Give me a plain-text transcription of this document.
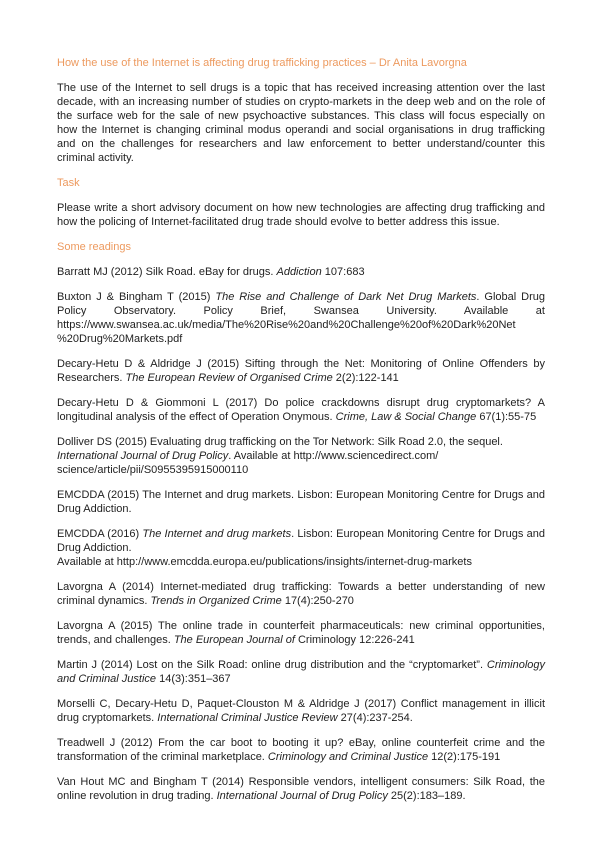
How the use of the Internet is affecting drug trafficking practices – Dr Anita Lavorgna

The use of the Internet to sell drugs is a topic that has received increasing attention over the last decade, with an increasing number of studies on crypto-markets in the deep web and on the role of the surface web for the sale of new psychoactive substances. This class will focus especially on how the Internet is changing criminal modus operandi and social organisations in drug trafficking and on the challenges for researchers and law enforcement to better understand/counter this criminal activity.

Task

Please write a short advisory document on how new technologies are affecting drug trafficking and how the policing of Internet-facilitated drug trade should evolve to better address this issue.

Some readings

Barratt MJ (2012) Silk Road. eBay for drugs. Addiction 107:683

Buxton J & Bingham T (2015) The Rise and Challenge of Dark Net Drug Markets. Global Drug Policy Observatory. Policy Brief, Swansea University. Available at https://www.swansea.ac.uk/media/The%20Rise%20and%20Challenge%20of%20Dark%20Net%20Drug%20Markets.pdf

Decary-Hetu D & Aldridge J (2015) Sifting through the Net: Monitoring of Online Offenders by Researchers. The European Review of Organised Crime 2(2):122-141

Decary-Hetu D & Giommoni L (2017) Do police crackdowns disrupt drug cryptomarkets? A longitudinal analysis of the effect of Operation Onymous. Crime, Law & Social Change 67(1):55-75

Dolliver DS (2015) Evaluating drug trafficking on the Tor Network: Silk Road 2.0, the sequel.
International Journal of Drug Policy. Available at http://www.sciencedirect.com/
science/article/pii/S0955395915000110

EMCDDA (2015) The Internet and drug markets. Lisbon: European Monitoring Centre for Drugs and Drug Addiction.

EMCDDA (2016) The Internet and drug markets. Lisbon: European Monitoring Centre for Drugs and Drug Addiction.
Available at http://www.emcdda.europa.eu/publications/insights/internet-drug-markets

Lavorgna A (2014) Internet-mediated drug trafficking: Towards a better understanding of new criminal dynamics. Trends in Organized Crime 17(4):250-270

Lavorgna A (2015) The online trade in counterfeit pharmaceuticals: new criminal opportunities, trends, and challenges. The European Journal of Criminology 12:226-241

Martin J (2014) Lost on the Silk Road: online drug distribution and the “cryptomarket”. Criminology and Criminal Justice 14(3):351–367

Morselli C, Decary-Hetu D, Paquet-Clouston M & Aldridge J (2017) Conflict management in illicit drug cryptomarkets. International Criminal Justice Review 27(4):237-254.

Treadwell J (2012) From the car boot to booting it up? eBay, online counterfeit crime and the transformation of the criminal marketplace. Criminology and Criminal Justice 12(2):175-191

Van Hout MC and Bingham T (2014) Responsible vendors, intelligent consumers: Silk Road, the online revolution in drug trading. International Journal of Drug Policy 25(2):183–189.
